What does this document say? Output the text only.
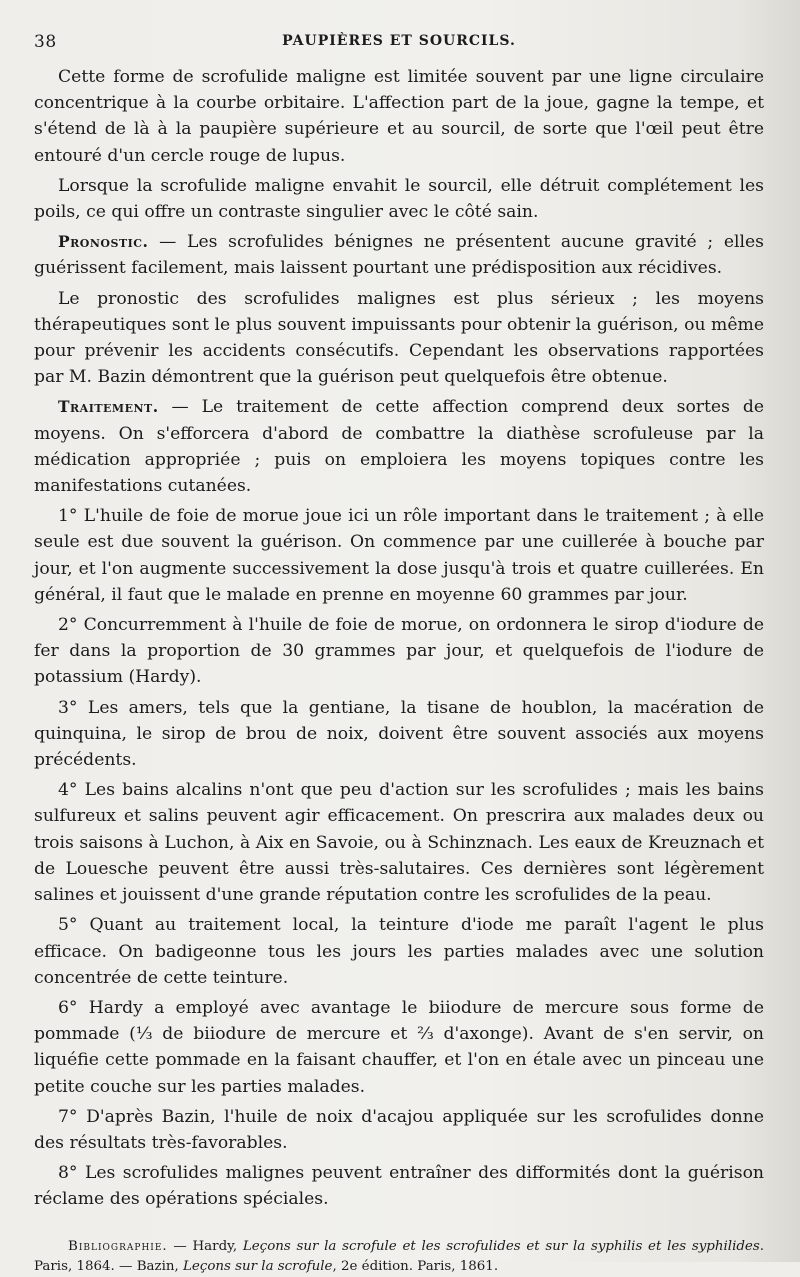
38	PAUPIÈRES ET SOURCILS.

Cette forme de scrofulide maligne est limitée souvent par une ligne circulaire concentrique à la courbe orbitaire. L'affection part de la joue, gagne la tempe, et s'étend de là à la paupière supérieure et au sourcil, de sorte que l'œil peut être entouré d'un cercle rouge de lupus.

Lorsque la scrofulide maligne envahit le sourcil, elle détruit complétement les poils, ce qui offre un contraste singulier avec le côté sain.

Pronostic. — Les scrofulides bénignes ne présentent aucune gravité ; elles guérissent facilement, mais laissent pourtant une prédisposition aux récidives.

Le pronostic des scrofulides malignes est plus sérieux ; les moyens thérapeutiques sont le plus souvent impuissants pour obtenir la guérison, ou même pour prévenir les accidents consécutifs. Cependant les observations rapportées par M. Bazin démontrent que la guérison peut quelquefois être obtenue.

Traitement. — Le traitement de cette affection comprend deux sortes de moyens. On s'efforcera d'abord de combattre la diathèse scrofuleuse par la médication appropriée ; puis on emploiera les moyens topiques contre les manifestations cutanées.

1° L'huile de foie de morue joue ici un rôle important dans le traitement ; à elle seule est due souvent la guérison. On commence par une cuillerée à bouche par jour, et l'on augmente successivement la dose jusqu'à trois et quatre cuillerées. En général, il faut que le malade en prenne en moyenne 60 grammes par jour.

2° Concurremment à l'huile de foie de morue, on ordonnera le sirop d'iodure de fer dans la proportion de 30 grammes par jour, et quelquefois de l'iodure de potassium (Hardy).

3° Les amers, tels que la gentiane, la tisane de houblon, la macération de quinquina, le sirop de brou de noix, doivent être souvent associés aux moyens précédents.

4° Les bains alcalins n'ont que peu d'action sur les scrofulides ; mais les bains sulfureux et salins peuvent agir efficacement. On prescrira aux malades deux ou trois saisons à Luchon, à Aix en Savoie, ou à Schinznach. Les eaux de Kreuznach et de Louesche peuvent être aussi très-salutaires. Ces dernières sont légèrement salines et jouissent d'une grande réputation contre les scrofulides de la peau.

5° Quant au traitement local, la teinture d'iode me paraît l'agent le plus efficace. On badigeonne tous les jours les parties malades avec une solution concentrée de cette teinture.

6° Hardy a employé avec avantage le biiodure de mercure sous forme de pommade (⅓ de biiodure de mercure et ⅔ d'axonge). Avant de s'en servir, on liquéfie cette pommade en la faisant chauffer, et l'on en étale avec un pinceau une petite couche sur les parties malades.

7° D'après Bazin, l'huile de noix d'acajou appliquée sur les scrofulides donne des résultats très-favorables.

8° Les scrofulides malignes peuvent entraîner des difformités dont la guérison réclame des opérations spéciales.

Bibliographie. — Hardy, Leçons sur la scrofule et les scrofulides et sur la syphilis et les syphilides. Paris, 1864. — Bazin, Leçons sur la scrofule, 2e édition. Paris, 1861.
